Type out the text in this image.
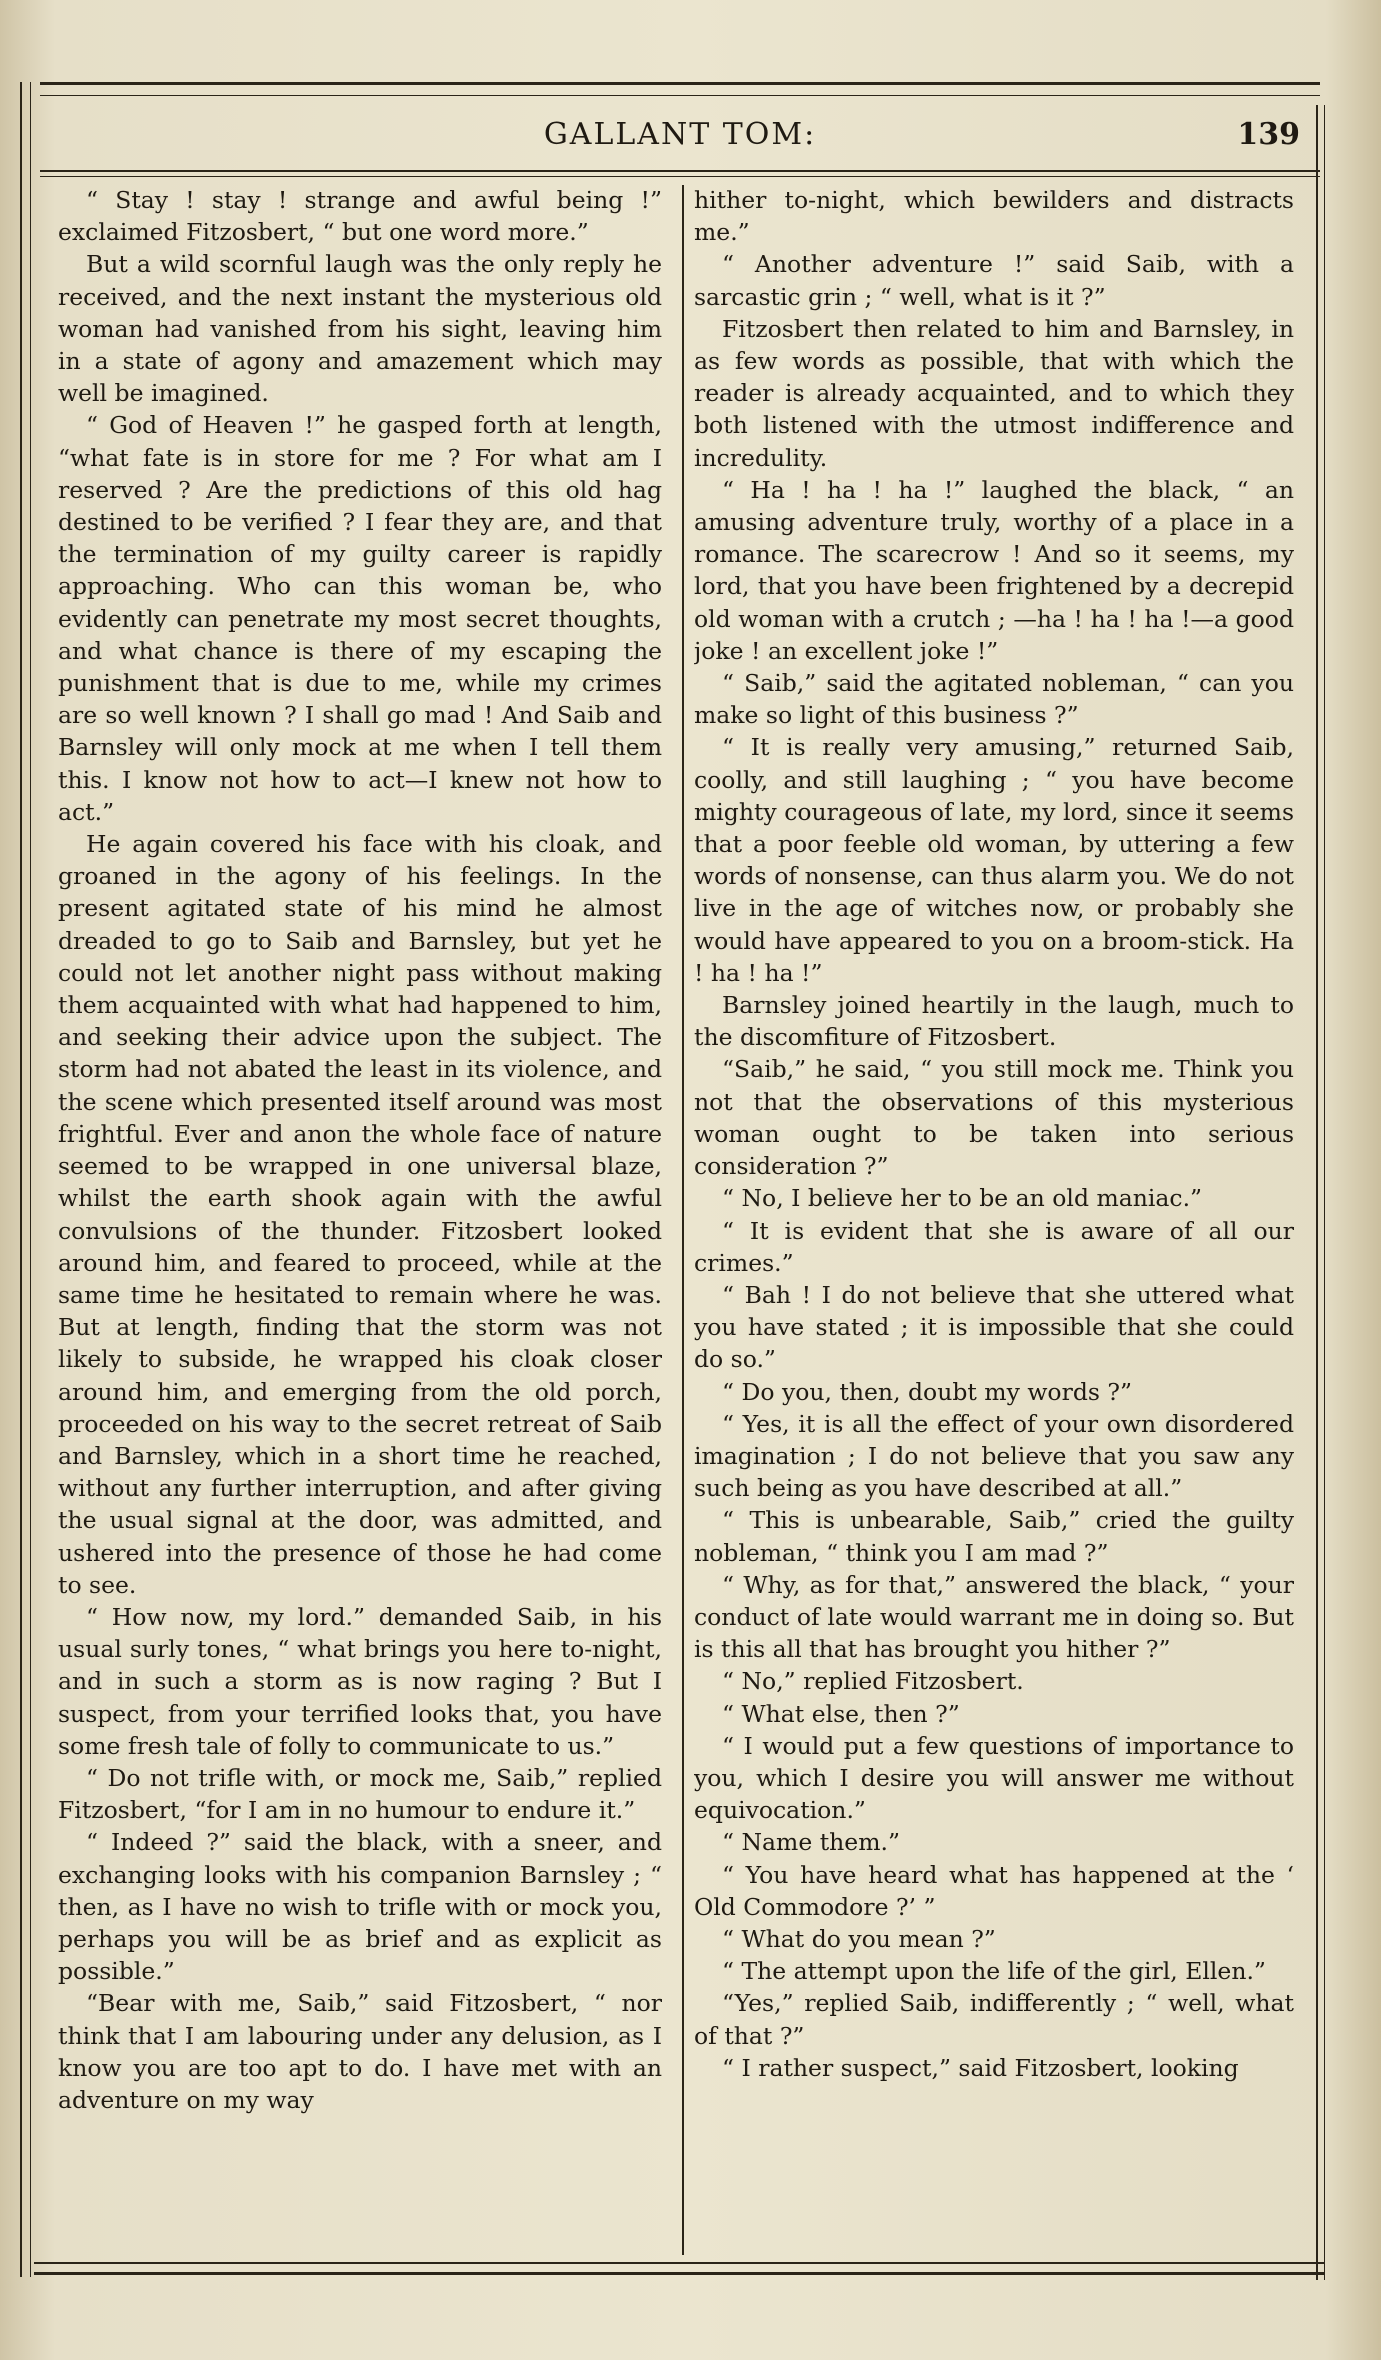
GALLANT TOM:	139

“ Stay ! stay ! strange and awful being !” exclaimed Fitzosbert, “ but one word more.”

But a wild scornful laugh was the only reply he received, and the next instant the mysterious old woman had vanished from his sight, leaving him in a state of agony and amazement which may well be imagined.

“ God of Heaven !” he gasped forth at length, “what fate is in store for me ? For what am I reserved ? Are the predictions of this old hag destined to be verified ? I fear they are, and that the termination of my guilty career is rapidly approaching. Who can this woman be, who evidently can penetrate my most secret thoughts, and what chance is there of my escaping the punishment that is due to me, while my crimes are so well known ? I shall go mad ! And Saib and Barnsley will only mock at me when I tell them this. I know not how to act—I knew not how to act.”

He again covered his face with his cloak, and groaned in the agony of his feelings. In the present agitated state of his mind he almost dreaded to go to Saib and Barnsley, but yet he could not let another night pass without making them acquainted with what had happened to him, and seeking their advice upon the subject. The storm had not abated the least in its violence, and the scene which presented itself around was most frightful. Ever and anon the whole face of nature seemed to be wrapped in one universal blaze, whilst the earth shook again with the awful convulsions of the thunder. Fitzosbert looked around him, and feared to proceed, while at the same time he hesitated to remain where he was. But at length, finding that the storm was not likely to subside, he wrapped his cloak closer around him, and emerging from the old porch, proceeded on his way to the secret retreat of Saib and Barnsley, which in a short time he reached, without any further interruption, and after giving the usual signal at the door, was admitted, and ushered into the presence of those he had come to see.

“ How now, my lord.” demanded Saib, in his usual surly tones, “ what brings you here to-night, and in such a storm as is now raging ? But I suspect, from your terrified looks that, you have some fresh tale of folly to communicate to us.”

“ Do not trifle with, or mock me, Saib,” replied Fitzosbert, “for I am in no humour to endure it.”

“ Indeed ?” said the black, with a sneer, and exchanging looks with his companion Barnsley ; “ then, as I have no wish to trifle with or mock you, perhaps you will be as brief and as explicit as possible.”

“Bear with me, Saib,” said Fitzosbert, “ nor think that I am labouring under any delusion, as I know you are too apt to do. I have met with an adventure on my way

hither to-night, which bewilders and distracts me.”

“ Another adventure !” said Saib, with a sarcastic grin ; “ well, what is it ?”

Fitzosbert then related to him and Barnsley, in as few words as possible, that with which the reader is already acquainted, and to which they both listened with the utmost indifference and incredulity.

“ Ha ! ha ! ha !” laughed the black, “ an amusing adventure truly, worthy of a place in a romance. The scarecrow ! And so it seems, my lord, that you have been frightened by a decrepid old woman with a crutch ; —ha ! ha ! ha !—a good joke ! an excellent joke !”

“ Saib,” said the agitated nobleman, “ can you make so light of this business ?”

“ It is really very amusing,” returned Saib, coolly, and still laughing ; “ you have become mighty courageous of late, my lord, since it seems that a poor feeble old woman, by uttering a few words of nonsense, can thus alarm you. We do not live in the age of witches now, or probably she would have appeared to you on a broom-stick. Ha ! ha ! ha !”

Barnsley joined heartily in the laugh, much to the discomfiture of Fitzosbert.

“Saib,” he said, “ you still mock me. Think you not that the observations of this mysterious woman ought to be taken into serious consideration ?”

“ No, I believe her to be an old maniac.”

“ It is evident that she is aware of all our crimes.”

“ Bah ! I do not believe that she uttered what you have stated ; it is impossible that she could do so.”

“ Do you, then, doubt my words ?”

“ Yes, it is all the effect of your own disordered imagination ; I do not believe that you saw any such being as you have described at all.”

“ This is unbearable, Saib,” cried the guilty nobleman, “ think you I am mad ?”

“ Why, as for that,” answered the black, “ your conduct of late would warrant me in doing so. But is this all that has brought you hither ?”

“ No,” replied Fitzosbert.

“ What else, then ?”

“ I would put a few questions of importance to you, which I desire you will answer me without equivocation.”

“ Name them.”

“ You have heard what has happened at the ‘ Old Commodore ?’ ”

“ What do you mean ?”

“ The attempt upon the life of the girl, Ellen.”

“Yes,” replied Saib, indifferently ; “ well, what of that ?”

“ I rather suspect,” said Fitzosbert, looking
